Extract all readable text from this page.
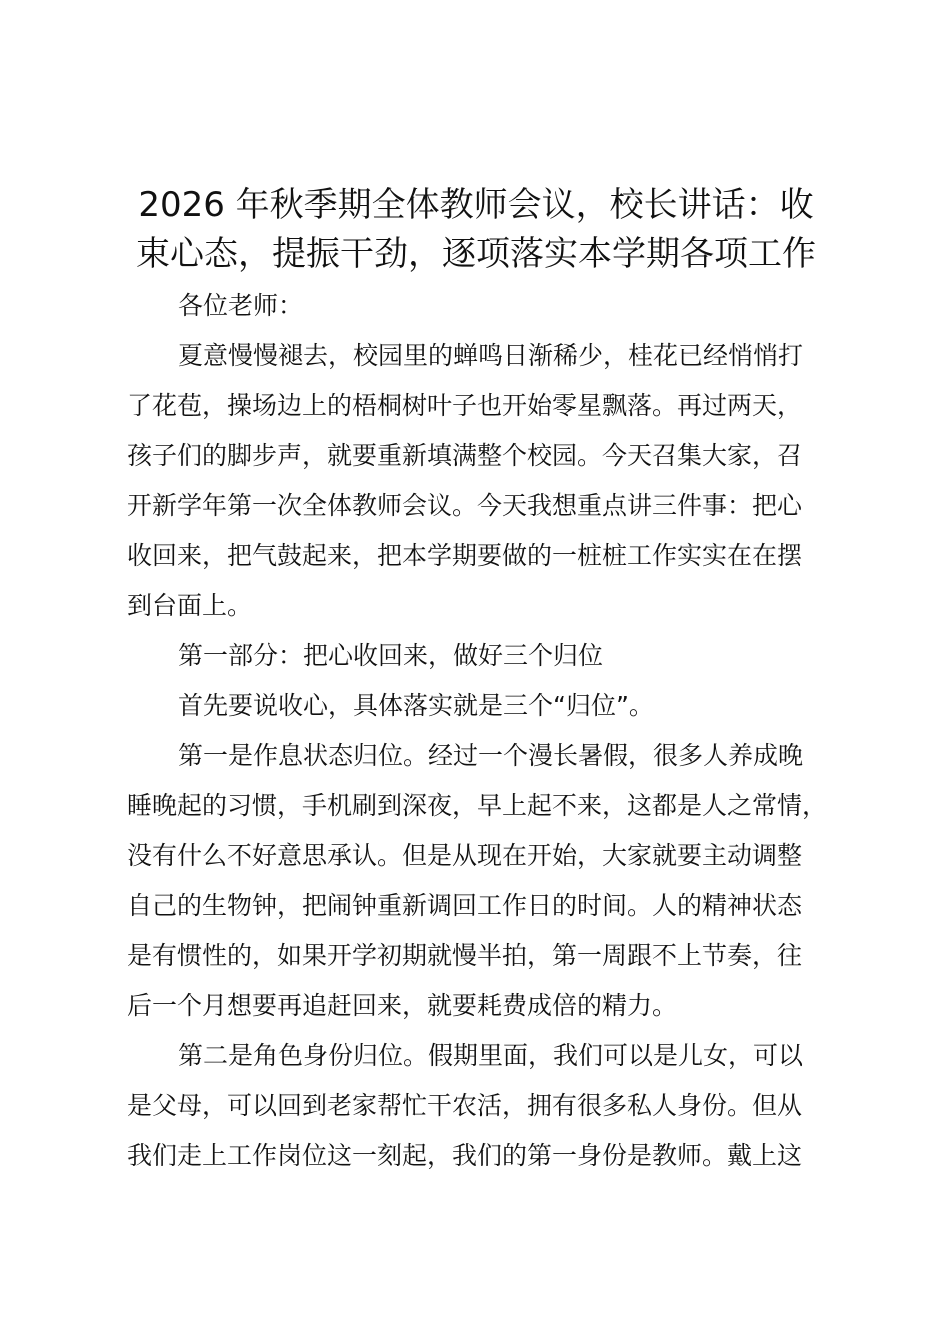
2026 年秋季期全体教师会议，校长讲话：收
束心态，提振干劲，逐项落实本学期各项工作

各位老师：

夏意慢慢褪去，校园里的蝉鸣日渐稀少，桂花已经悄悄打
了花苞，操场边上的梧桐树叶子也开始零星飘落。再过两天，
孩子们的脚步声，就要重新填满整个校园。今天召集大家，召
开新学年第一次全体教师会议。今天我想重点讲三件事：把心
收回来，把气鼓起来，把本学期要做的一桩桩工作实实在在摆
到台面上。

第一部分：把心收回来，做好三个归位

首先要说收心，具体落实就是三个“归位”。

第一是作息状态归位。经过一个漫长暑假，很多人养成晚
睡晚起的习惯，手机刷到深夜，早上起不来，这都是人之常情，
没有什么不好意思承认。但是从现在开始，大家就要主动调整
自己的生物钟，把闹钟重新调回工作日的时间。人的精神状态
是有惯性的，如果开学初期就慢半拍，第一周跟不上节奏，往
后一个月想要再追赶回来，就要耗费成倍的精力。

第二是角色身份归位。假期里面，我们可以是儿女，可以
是父母，可以回到老家帮忙干农活，拥有很多私人身份。但从
我们走上工作岗位这一刻起，我们的第一身份是教师。戴上这
